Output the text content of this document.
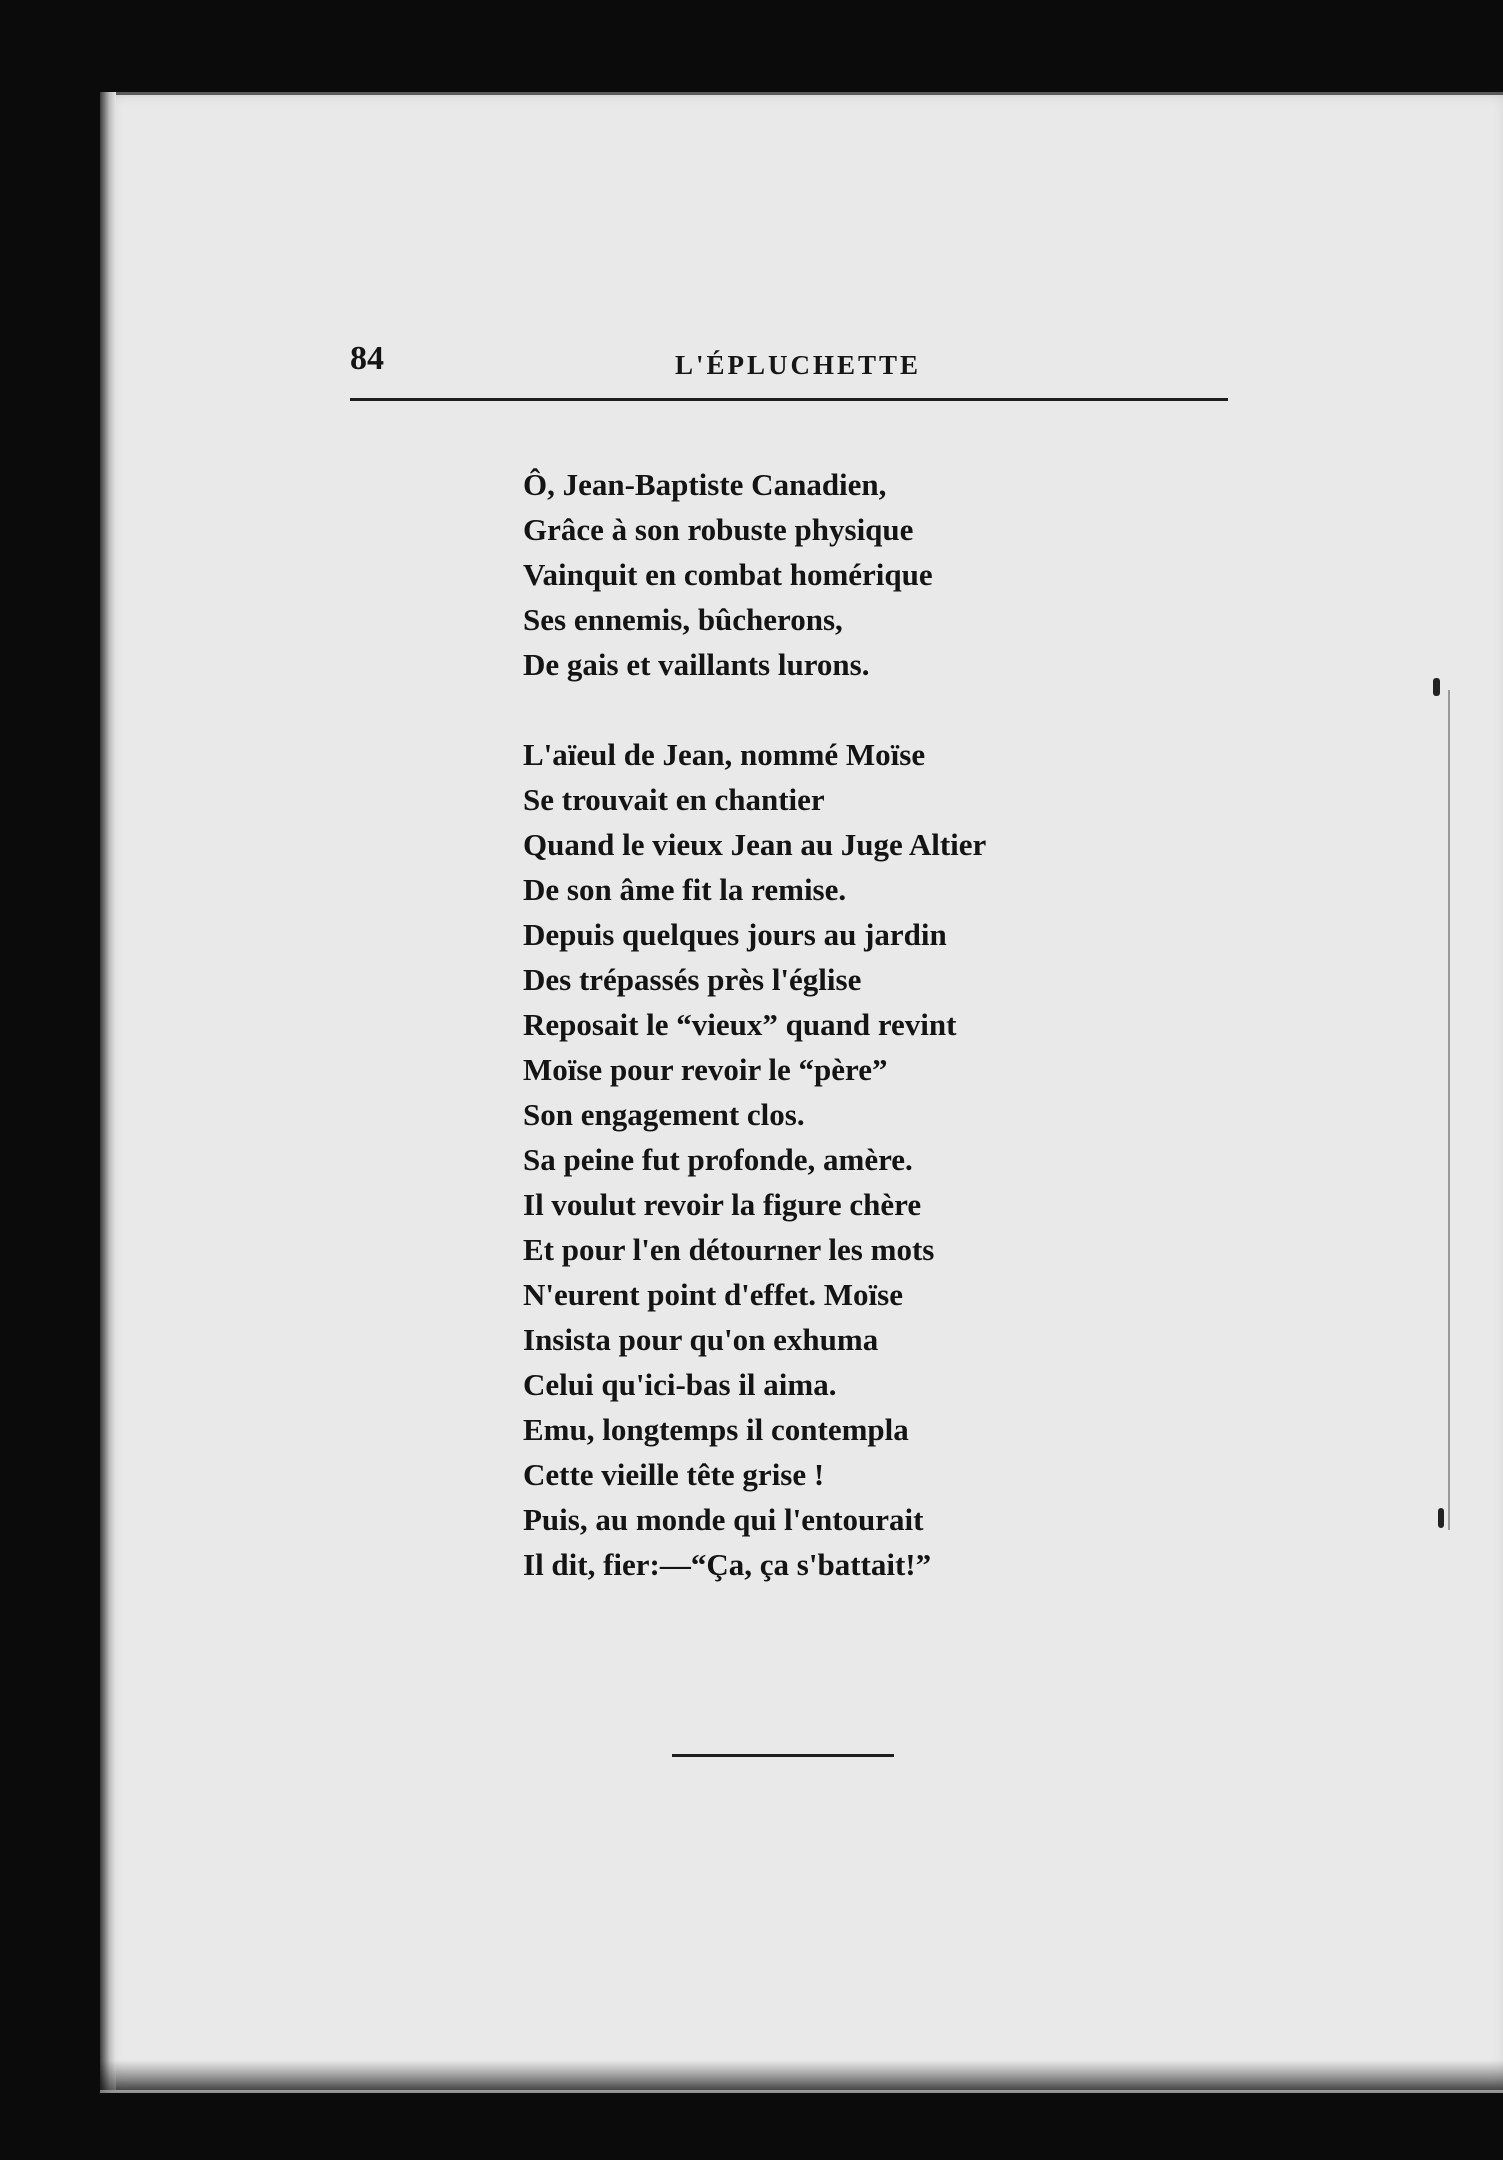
84	L'ÉPLUCHETTE

Ô, Jean-Baptiste Canadien,
Grâce à son robuste physique
Vainquit en combat homérique
Ses ennemis, bûcherons,
De gais et vaillants lurons.
L'aïeul de Jean, nommé Moïse
Se trouvait en chantier
Quand le vieux Jean au Juge Altier
De son âme fit la remise.
Depuis quelques jours au jardin
Des trépassés près l'église
Reposait le “vieux” quand revint
Moïse pour revoir le “père”
Son engagement clos.
Sa peine fut profonde, amère.
Il voulut revoir la figure chère
Et pour l'en détourner les mots
N'eurent point d'effet. Moïse
Insista pour qu'on exhuma
Celui qu'ici-bas il aima.
Emu, longtemps il contempla
Cette vieille tête grise !
Puis, au monde qui l'entourait
Il dit, fier:—“Ça, ça s'battait!”
